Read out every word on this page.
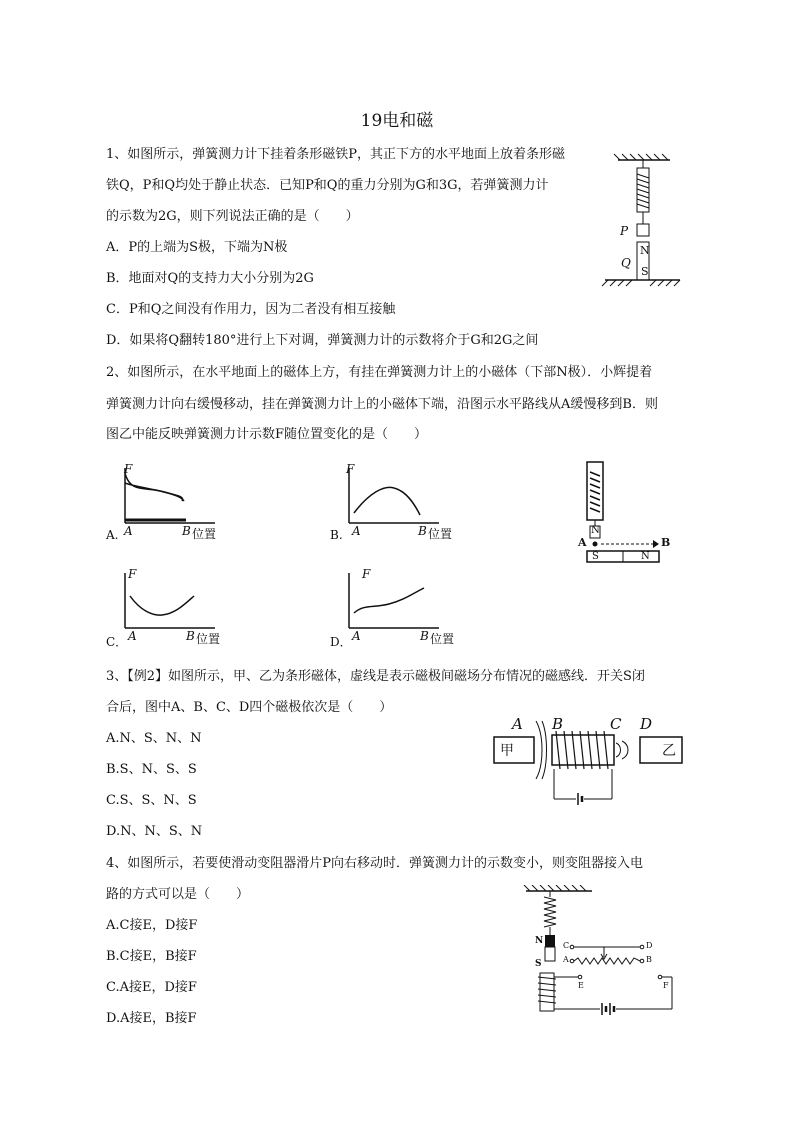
19电和磁
1、如图所示，弹簧测力计下挂着条形磁铁P，其正下方的水平地面上放着条形磁
铁Q，P和Q均处于静止状态．已知P和Q的重力分别为G和3G，若弹簧测力计
的示数为2G，则下列说法正确的是（　　）
A．P的上端为S极，下端为N极
B．地面对Q的支持力大小分别为2G
C．P和Q之间没有作用力，因为二者没有相互接触
D．如果将Q翻转180°进行上下对调，弹簧测力计的示数将介于G和2G之间
P
Q
N
S
2、如图所示，在水平地面上的磁体上方，有挂在弹簧测力计上的小磁体（下部N极）．小辉提着
弹簧测力计向右缓慢移动，挂在弹簧测力计上的小磁体下端，沿图示水平路线从A缓慢移到B．则
图乙中能反映弹簧测力计示数F随位置变化的是（　　）
A.
F
A	B 位置	B.
F
A	B 位置
C．
F
A	B 位置	D．
F
A	B 位置
N
A	B
S	N
3、【例2】如图所示，甲、乙为条形磁体，虚线是表示磁极间磁场分布情况的磁感线．开关S闭
合后，图中A、B、C、D四个磁极依次是（　　）
A.N、S、N、N
B.S、N、S、S
C.S、S、N、S
D.N、N、S、N
A B	C D
甲	乙
4、如图所示，若要使滑动变阻器滑片P向右移动时．弹簧测力计的示数变小，则变阻器接入电
路的方式可以是（　　）
A.C接E，D接F
B.C接E，B接F
C.A接E，D接F
D.A接E，B接F
N
S
C	D
A	B
E	F
